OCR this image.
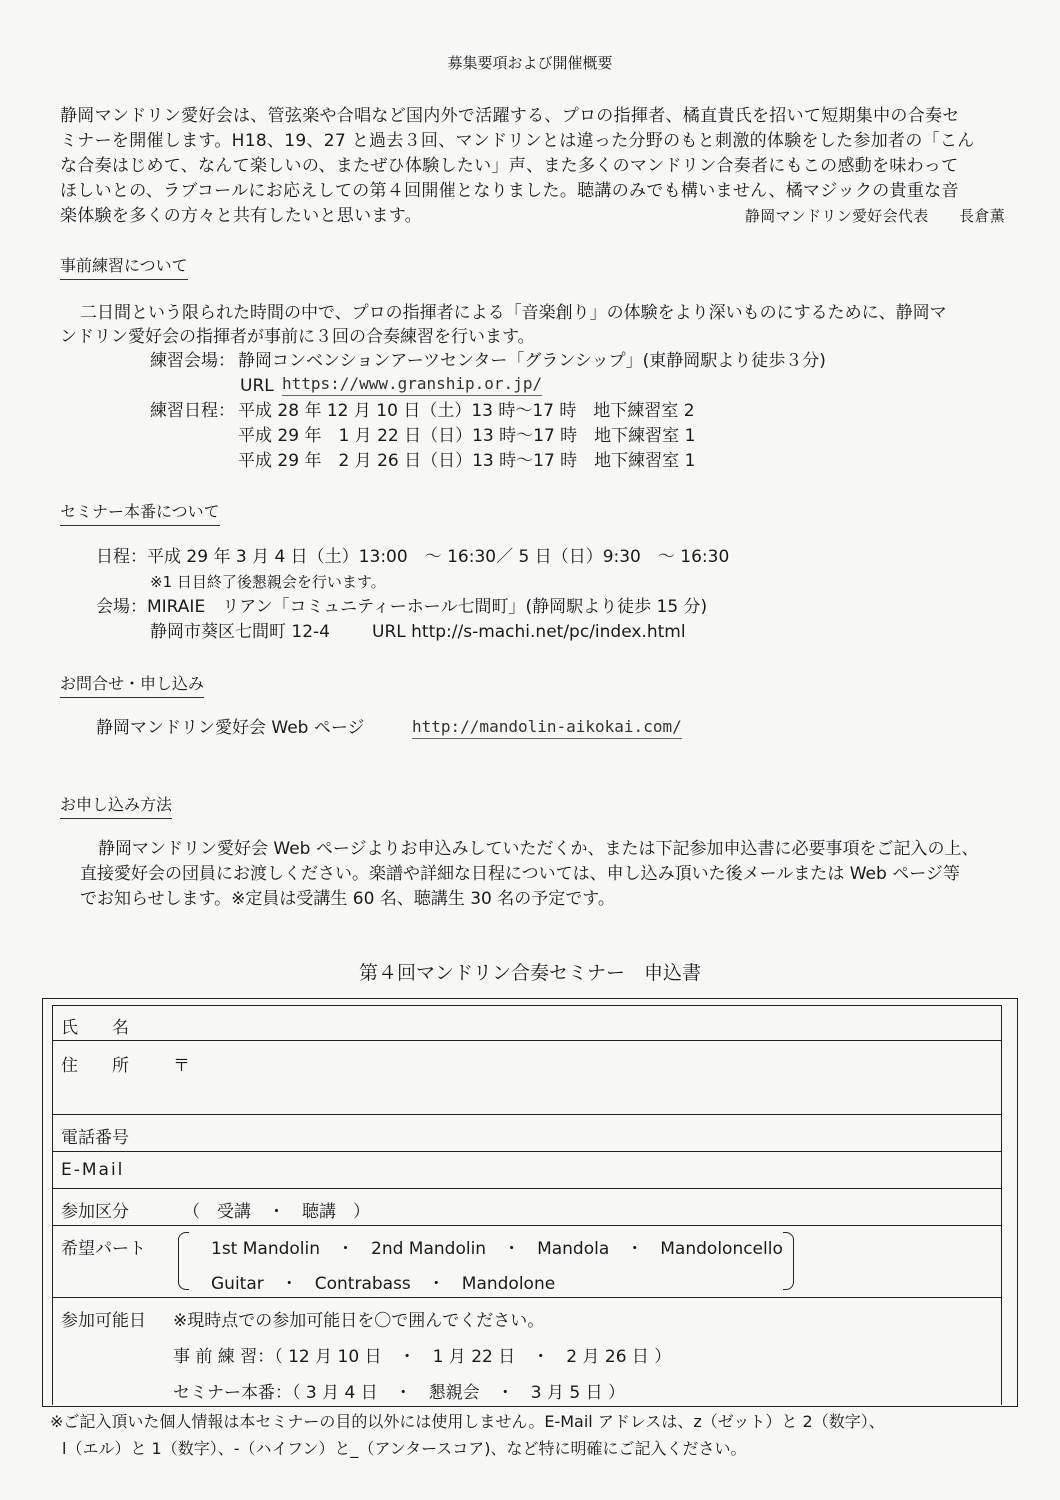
募集要項および開催概要

静岡マンドリン愛好会は、管弦楽や合唱など国内外で活躍する、プロの指揮者、橘直貴氏を招いて短期集中の合奏セ

ミナーを開催します。H18、19、27 と過去３回、マンドリンとは違った分野のもと刺激的体験をした参加者の「こん

な合奏はじめて、なんて楽しいの、またぜひ体験したい」声、また多くのマンドリン合奏者にもこの感動を味わって

ほしいとの、ラブコールにお応えしての第４回開催となりました。聴講のみでも構いません、橘マジックの貴重な音

楽体験を多くの方々と共有したいと思います。	静岡マンドリン愛好会代表　　長倉薫

事前練習について
二日間という限られた時間の中で、プロの指揮者による「音楽創り」の体験をより深いものにするために、静岡マ
ンドリン愛好会の指揮者が事前に３回の合奏練習を行います。
練習会場： 静岡コンベンションアーツセンター「グランシップ」(東静岡駅より徒歩３分)
URL https://www.granship.or.jp/
練習日程： 平成 28 年 12 月 10 日（土）13 時～17 時　地下練習室 2
平成 29 年　1 月 22 日（日）13 時～17 時　地下練習室 1
平成 29 年　2 月 26 日（日）13 時～17 時　地下練習室 1
セミナー本番について
日程：平成 29 年 3 月 4 日（土）13:00　～ 16:30／ 5 日（日）9:30　～ 16:30
※1 日目終了後懇親会を行います。
会場：MIRAIE　リアン「コミュニティーホール七間町」(静岡駅より徒歩 15 分)
静岡市葵区七間町 12-4 URL http://s-machi.net/pc/index.html
お問合せ・申し込み
静岡マンドリン愛好会 Web ページ	http://mandolin-aikokai.com/
お申し込み方法
静岡マンドリン愛好会 Web ページよりお申込みしていただくか、または下記参加申込書に必要事項をご記入の上、
直接愛好会の団員にお渡しください。楽譜や詳細な日程については、申し込み頂いた後メールまたは Web ページ等
でお知らせします。※定員は受講生 60 名、聴講生 30 名の予定です。
第４回マンドリン合奏セミナー　申込書
氏　　名
住　　所	〒
電話番号
E-Mail
参加区分	（　受講　・　聴講　）
希望パート	1st Mandolin　・　2nd Mandolin　・　Mandola　・　Mandoloncello
Guitar　・　Contrabass　・　Mandolone
参加可能日 ※現時点での参加可能日を〇で囲んでください。
事 前 練 習：（ 12 月 10 日　・　1 月 22 日　・　2 月 26 日 ）
セミナー本番：（ 3 月 4 日　・　懇親会　・　3 月 5 日 ）
※ご記入頂いた個人情報は本セミナーの目的以外には使用しません。E-Mail アドレスは、z（ゼット）と 2（数字）、
l（エル）と 1（数字）、-（ハイフン）と_（アンタースコア)、など特に明確にご記入ください。
